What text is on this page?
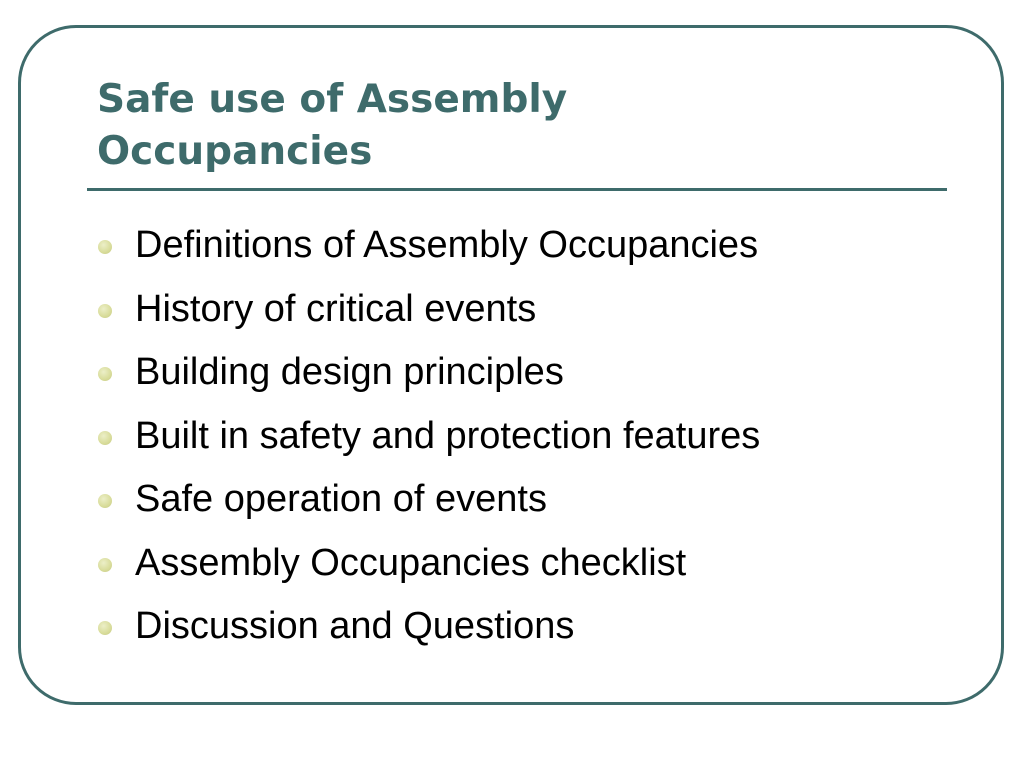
Safe use of Assembly
Occupancies
Definitions of Assembly Occupancies
History of critical events
Building design principles
Built in safety and protection features
Safe operation of events
Assembly Occupancies checklist
Discussion and Questions
